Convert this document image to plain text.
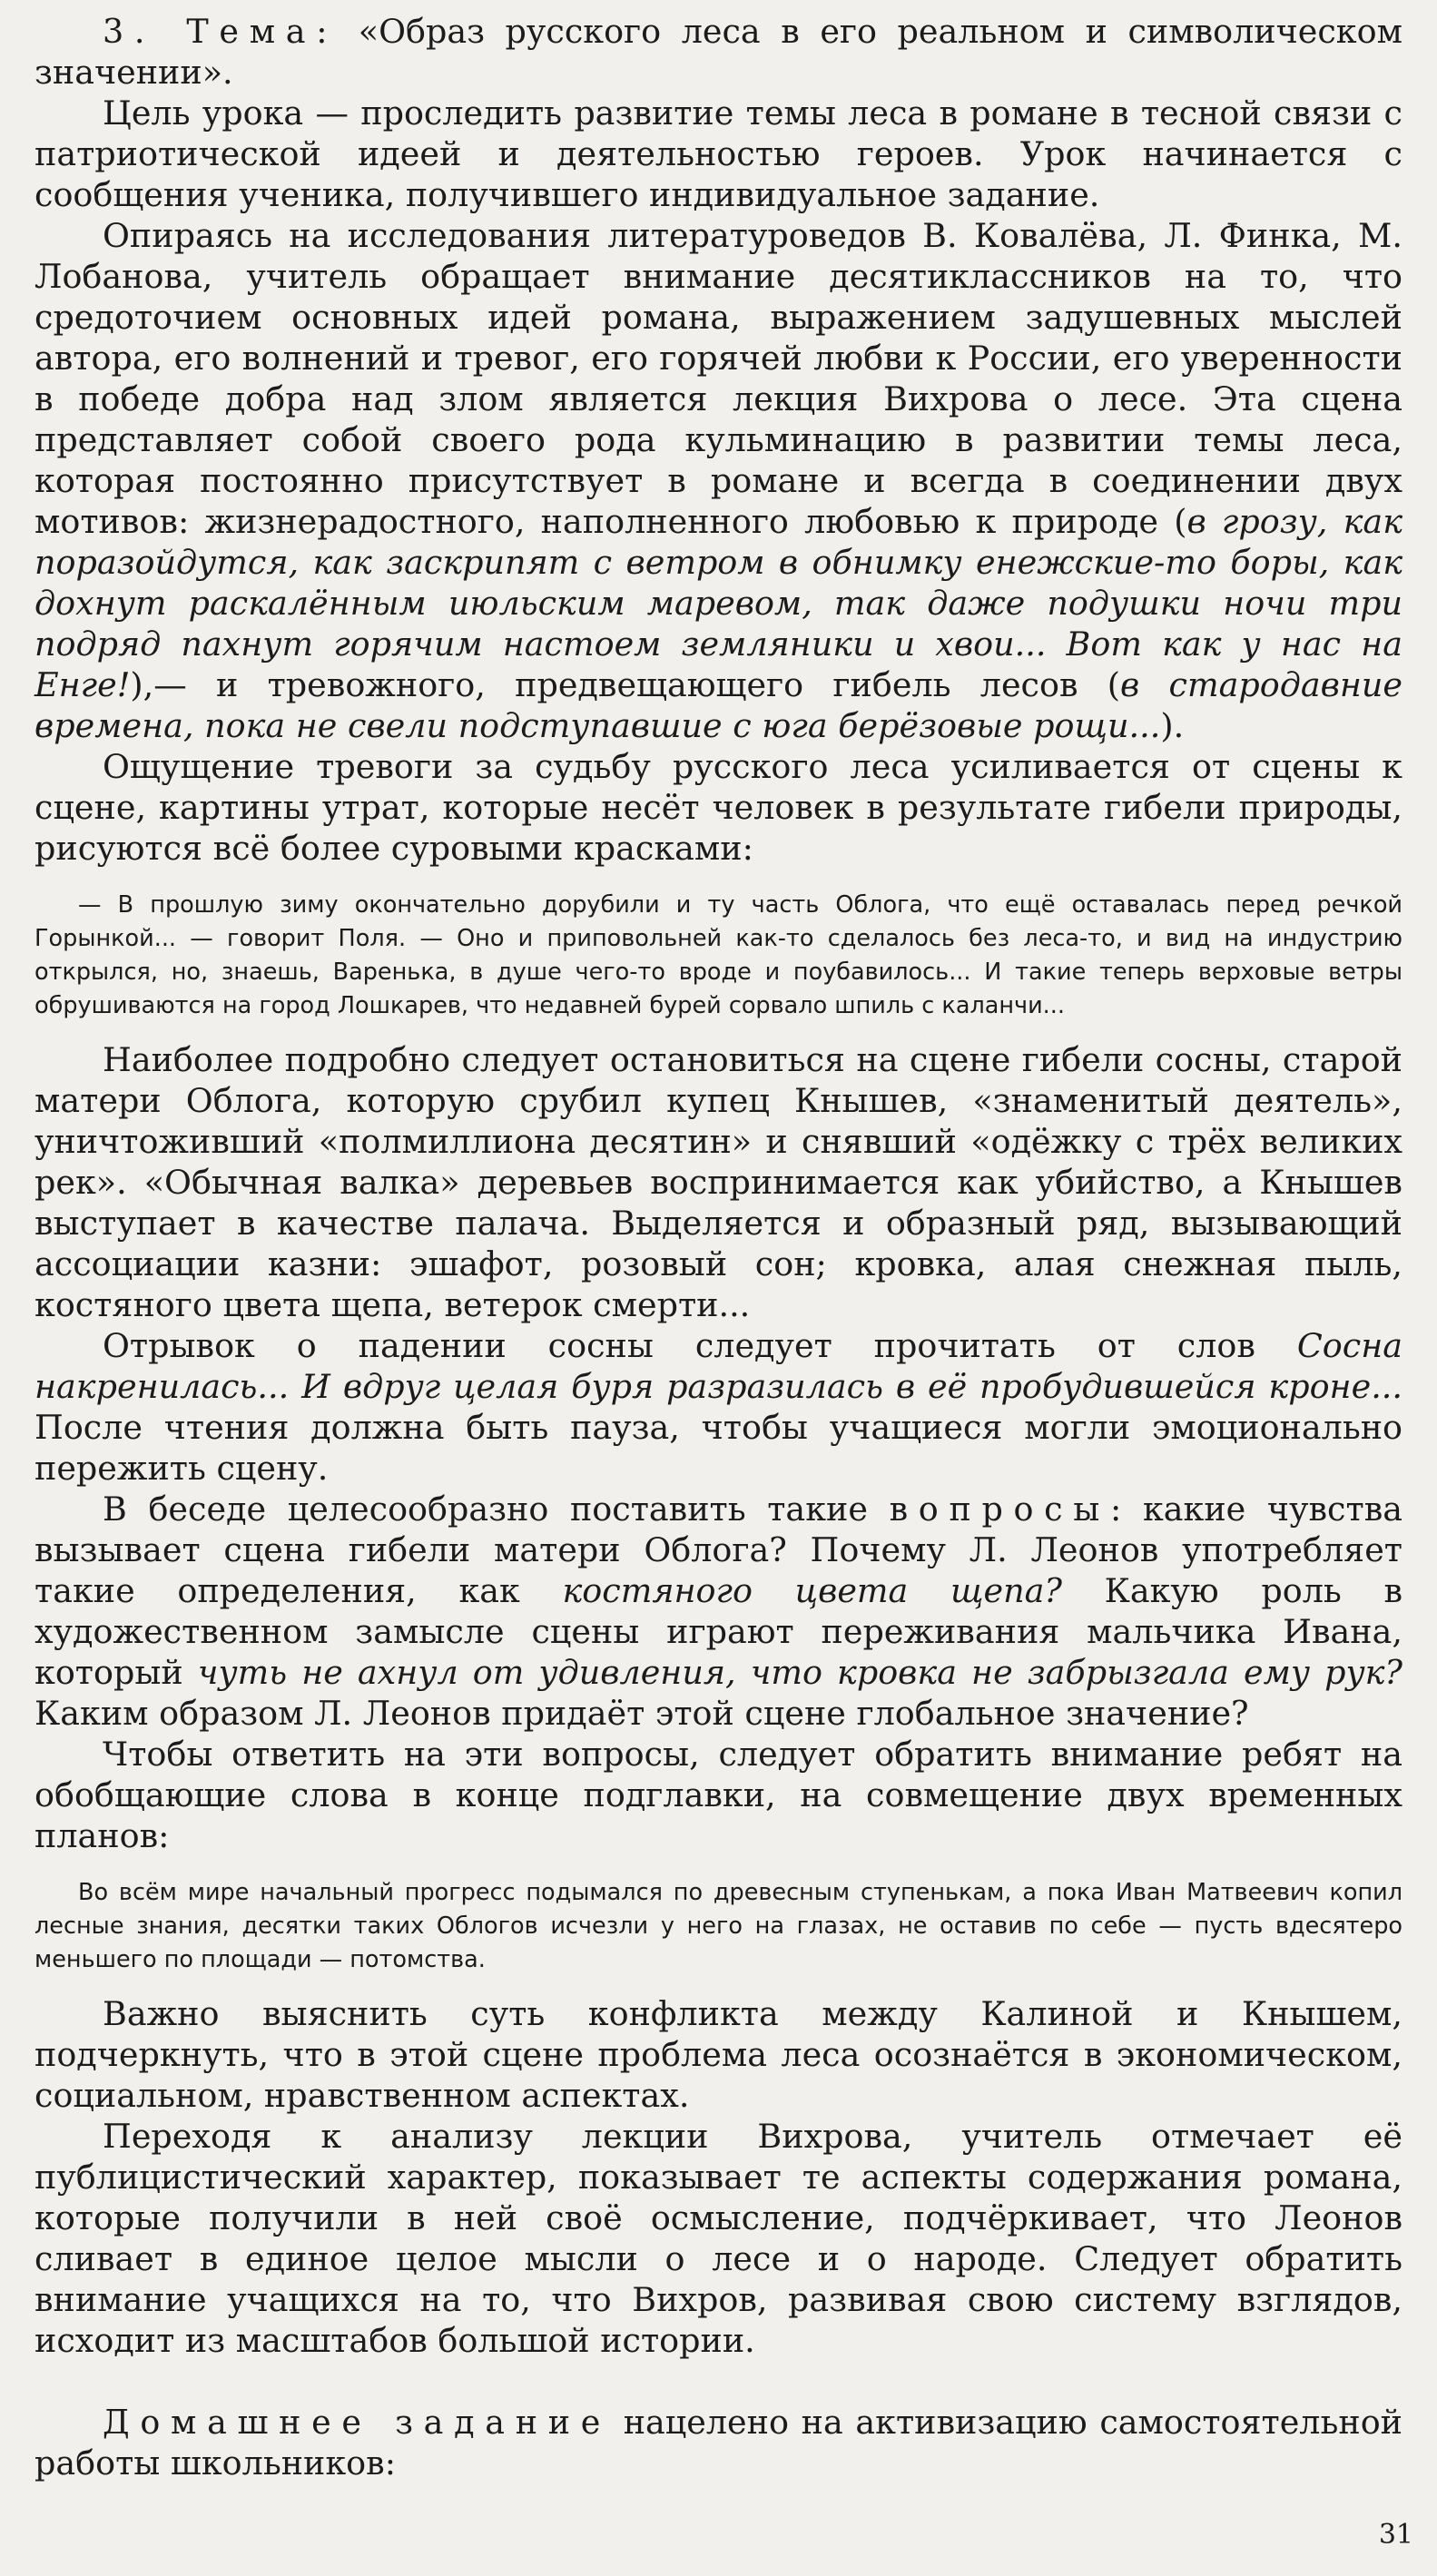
3. Тема: «Образ русского леса в его реальном и символическом значении».

Цель урока — проследить развитие темы леса в романе в тесной связи с патриотической идеей и деятельностью героев. Урок начинается с сообщения ученика, получившего индивидуальное задание.

Опираясь на исследования литературоведов В. Ковалёва, Л. Финка, М. Лобанова, учитель обращает внимание десятиклассников на то, что средоточием основных идей романа, выражением задушевных мыслей автора, его волнений и тревог, его горячей любви к России, его уверенности в победе добра над злом является лекция Вихрова о лесе. Эта сцена представляет собой своего рода кульминацию в развитии темы леса, которая постоянно присутствует в романе и всегда в соединении двух мотивов: жизнерадостного, наполненного любовью к природе (в грозу, как поразойдутся, как заскрипят с ветром в обнимку енежские-то боры, как дохнут раскалённым июльским маревом, так даже подушки ночи три подряд пахнут горячим настоем земляники и хвои... Вот как у нас на Енге!),— и тревожного, предвещающего гибель лесов (в стародавние времена, пока не свели подступавшие с юга берёзовые рощи...).

Ощущение тревоги за судьбу русского леса усиливается от сцены к сцене, картины утрат, которые несёт человек в результате гибели природы, рисуются всё более суровыми красками:

— В прошлую зиму окончательно дорубили и ту часть Облога, что ещё оставалась перед речкой Горынкой... — говорит Поля. — Оно и приповольней как-то сделалось без леса-то, и вид на индустрию открылся, но, знаешь, Варенька, в душе чего-то вроде и поубавилось... И такие теперь верховые ветры обрушиваются на город Лошкарев, что недавней бурей сорвало шпиль с каланчи...

Наиболее подробно следует остановиться на сцене гибели сосны, старой матери Облога, которую срубил купец Кнышев, «знаменитый деятель», уничтоживший «полмиллиона десятин» и снявший «одёжку с трёх великих рек». «Обычная валка» деревьев воспринимается как убийство, а Кнышев выступает в качестве палача. Выделяется и образный ряд, вызывающий ассоциации казни: эшафот, розовый сон; кровка, алая снежная пыль, костяного цвета щепа, ветерок смерти...

Отрывок о падении сосны следует прочитать от слов Сосна накренилась... И вдруг целая буря разразилась в её пробудившейся кроне... После чтения должна быть пауза, чтобы учащиеся могли эмоционально пережить сцену.

В беседе целесообразно поставить такие вопросы: какие чувства вызывает сцена гибели матери Облога? Почему Л. Леонов употребляет такие определения, как костяного цвета щепа? Какую роль в художественном замысле сцены играют переживания мальчика Ивана, который чуть не ахнул от удивления, что кровка не забрызгала ему рук? Каким образом Л. Леонов придаёт этой сцене глобальное значение?

Чтобы ответить на эти вопросы, следует обратить внимание ребят на обобщающие слова в конце подглавки, на совмещение двух временных планов:

Во всём мире начальный прогресс подымался по древесным ступенькам, а пока Иван Матвеевич копил лесные знания, десятки таких Облогов исчезли у него на глазах, не оставив по себе — пусть вдесятеро меньшего по площади — потомства.

Важно выяснить суть конфликта между Калиной и Кнышем, подчеркнуть, что в этой сцене проблема леса осознаётся в экономическом, социальном, нравственном аспектах.

Переходя к анализу лекции Вихрова, учитель отмечает её публицистический характер, показывает те аспекты содержания романа, которые получили в ней своё осмысление, подчёркивает, что Леонов сливает в единое целое мысли о лесе и о народе. Следует обратить внимание учащихся на то, что Вихров, развивая свою систему взглядов, исходит из масштабов большой истории.

Домашнее задание нацелено на активизацию самостоятельной работы школьников:

31
